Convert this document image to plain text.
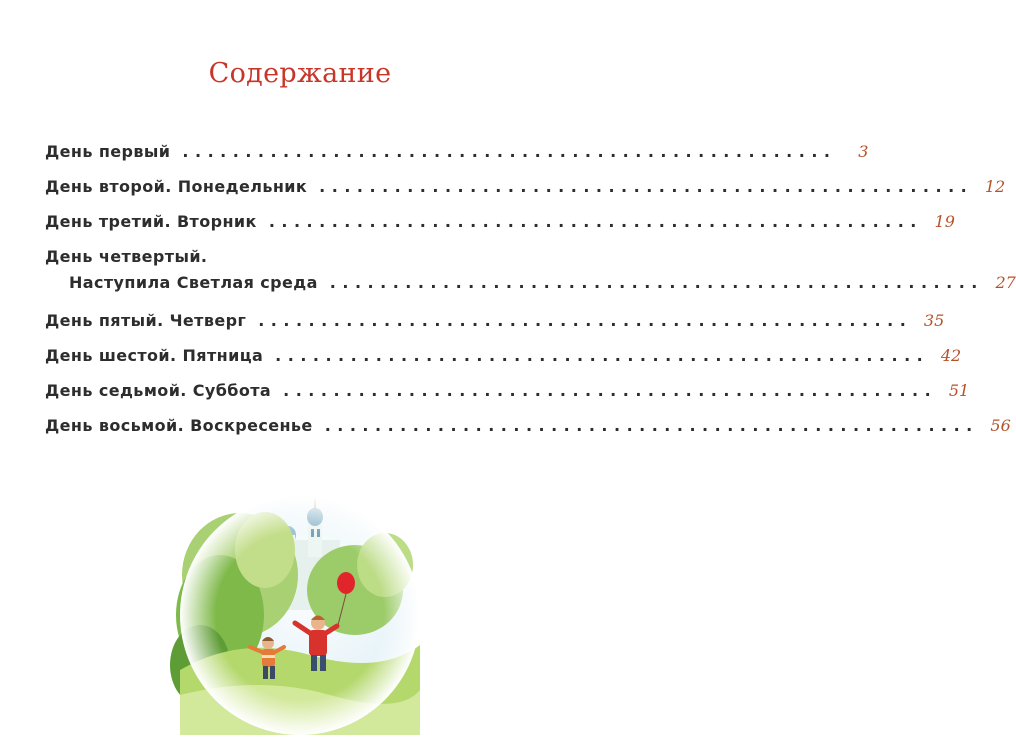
Содержание
День первый ....................................................	3
День второй. Понедельник .................................................... 12
День третий. Вторник .................................................... 19
День четвертый.
Наступила Светлая среда .................................................... 27
День пятый. Четверг .................................................... 35
День шестой. Пятница .................................................... 42
День седьмой. Суббота .................................................... 51
День восьмой. Воскресенье .................................................... 56
